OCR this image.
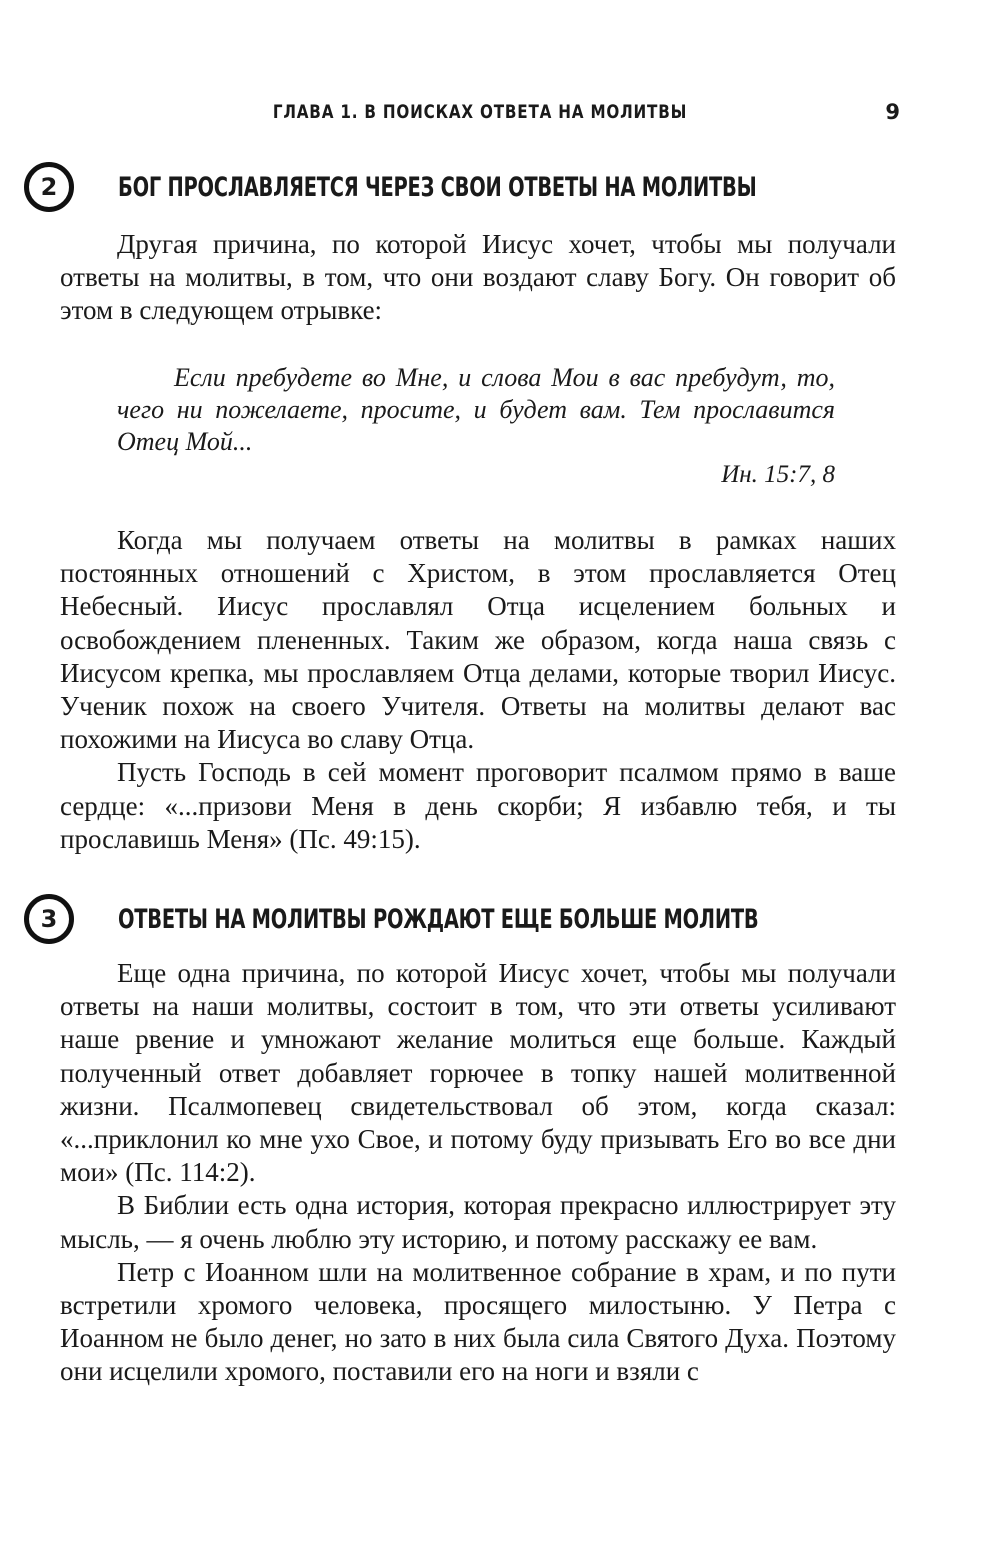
ГЛАВА 1. В ПОИСКАХ ОТВЕТА НА МОЛИТВЫ	9
2	БОГ ПРОСЛАВЛЯЕТСЯ ЧЕРЕЗ СВОИ ОТВЕТЫ НА МОЛИТВЫ

Другая причина, по которой Иисус хочет, чтобы мы получали ответы на молитвы, в том, что они воздают славу Богу. Он говорит об этом в следующем отрывке:

Если пребудете во Мне, и слова Мои в вас пребудут, то, чего ни пожелаете, просите, и будет вам. Тем прославится Отец Мой...

Ин. 15:7, 8

Когда мы получаем ответы на молитвы в рамках наших постоянных отношений с Христом, в этом прославляется Отец Небесный. Иисус прославлял Отца исцелением больных и освобождением плененных. Таким же образом, когда наша связь с Иисусом крепка, мы прославляем Отца делами, которые творил Иисус. Ученик похож на своего Учителя. Ответы на молитвы делают вас похожими на Иисуса во славу Отца.

Пусть Господь в сей момент проговорит псалмом прямо в ваше сердце: «...призови Меня в день скорби; Я избавлю тебя, и ты прославишь Меня» (Пс. 49:15).

3	ОТВЕТЫ НА МОЛИТВЫ РОЖДАЮТ ЕЩЕ БОЛЬШЕ МОЛИТВ

Еще одна причина, по которой Иисус хочет, чтобы мы получали ответы на наши молитвы, состоит в том, что эти ответы усиливают наше рвение и умножают желание молиться еще больше. Каждый полученный ответ добавляет горючее в топку нашей молитвенной жизни. Псалмопевец свидетельствовал об этом, когда сказал: «...приклонил ко мне ухо Свое, и потому буду призывать Его во все дни мои» (Пс. 114:2).

В Библии есть одна история, которая прекрасно иллюстрирует эту мысль, — я очень люблю эту историю, и потому расскажу ее вам.

Петр с Иоанном шли на молитвенное собрание в храм, и по пути встретили хромого человека, просящего милостыню. У Петра с Иоанном не было денег, но зато в них была сила Святого Духа. Поэтому они исцелили хромого, поставили его на ноги и взяли с
